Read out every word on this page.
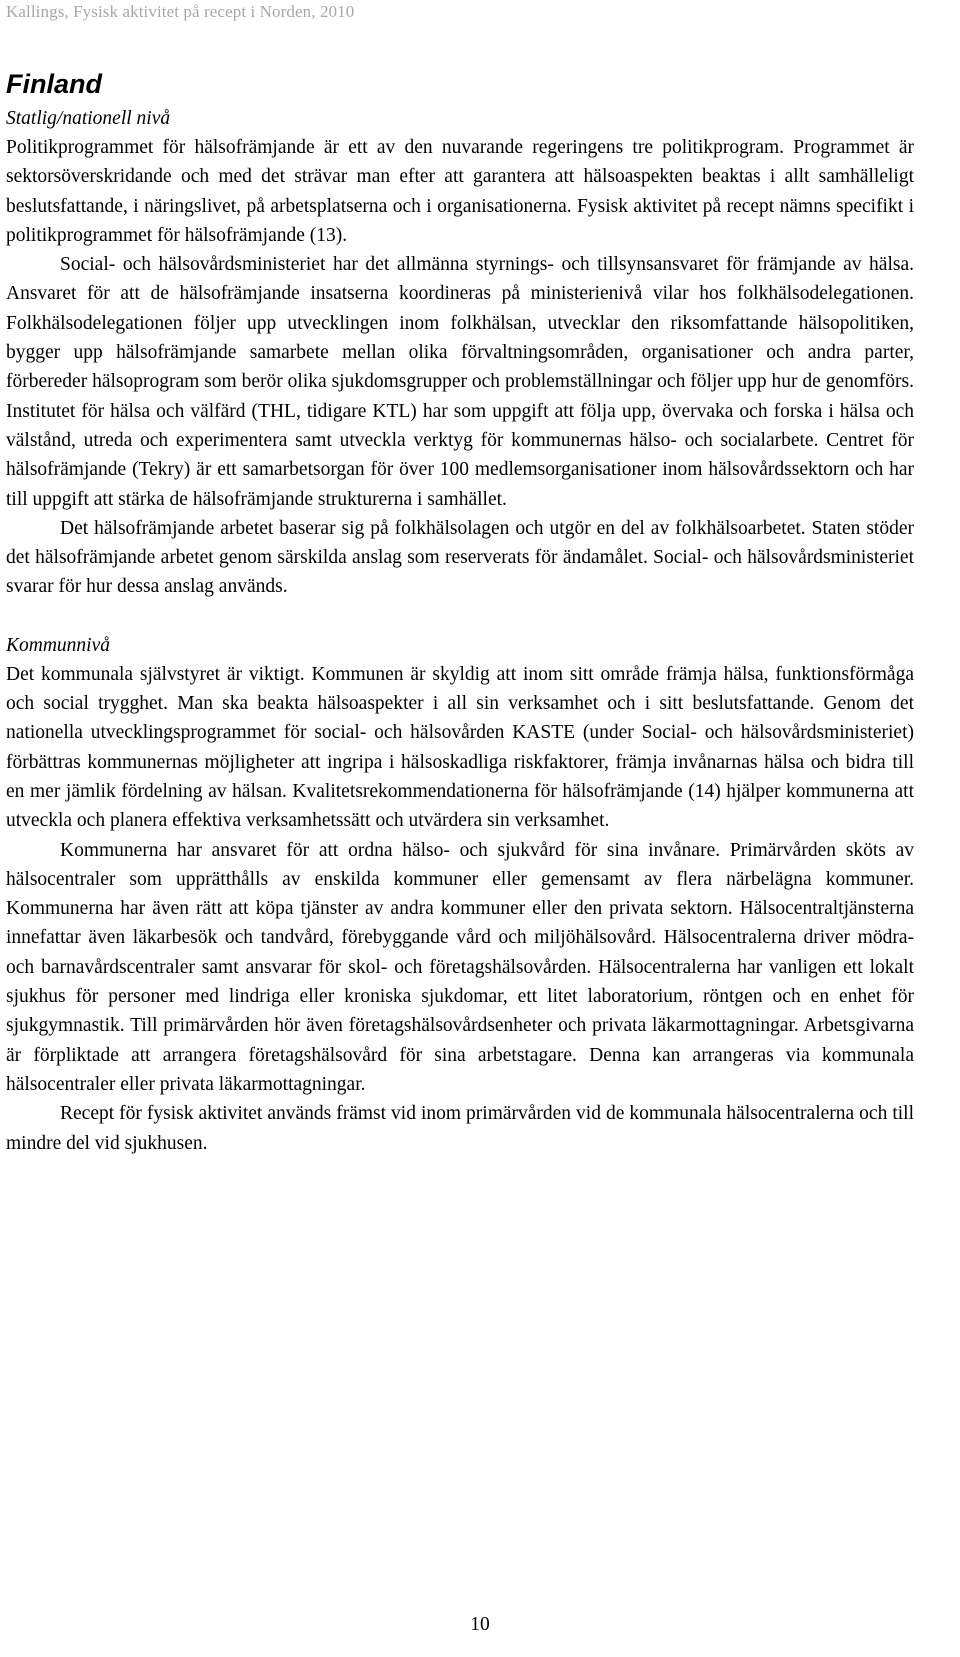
Kallings, Fysisk aktivitet på recept i Norden, 2010
Finland
Statlig/nationell nivå

Politikprogrammet för hälsofrämjande är ett av den nuvarande regeringens tre politikprogram. Programmet är sektorsöverskridande och med det strävar man efter att garantera att hälsoaspekten beaktas i allt samhälleligt beslutsfattande, i näringslivet, på arbetsplatserna och i organisationerna. Fysisk aktivitet på recept nämns specifikt i politikprogrammet för hälsofrämjande (13).

Social- och hälsovårdsministeriet har det allmänna styrnings- och tillsynsansvaret för främjande av hälsa. Ansvaret för att de hälsofrämjande insatserna koordineras på ministerienivå vilar hos folkhälsodelegationen. Folkhälsodelegationen följer upp utvecklingen inom folkhälsan, utvecklar den riksomfattande hälsopolitiken, bygger upp hälsofrämjande samarbete mellan olika förvaltningsområden, organisationer och andra parter, förbereder hälsoprogram som berör olika sjukdomsgrupper och problemställningar och följer upp hur de genomförs. Institutet för hälsa och välfärd (THL, tidigare KTL) har som uppgift att följa upp, övervaka och forska i hälsa och välstånd, utreda och experimentera samt utveckla verktyg för kommunernas hälso- och socialarbete. Centret för hälsofrämjande (Tekry) är ett samarbetsorgan för över 100 medlemsorganisationer inom hälsovårdssektorn och har till uppgift att stärka de hälsofrämjande strukturerna i samhället.

Det hälsofrämjande arbetet baserar sig på folkhälsolagen och utgör en del av folkhälsoarbetet. Staten stöder det hälsofrämjande arbetet genom särskilda anslag som reserverats för ändamålet. Social- och hälsovårdsministeriet svarar för hur dessa anslag används.

Kommunnivå

Det kommunala självstyret är viktigt. Kommunen är skyldig att inom sitt område främja hälsa, funktionsförmåga och social trygghet. Man ska beakta hälsoaspekter i all sin verksamhet och i sitt beslutsfattande. Genom det nationella utvecklingsprogrammet för social- och hälsovården KASTE (under Social- och hälsovårdsministeriet) förbättras kommunernas möjligheter att ingripa i hälsoskadliga riskfaktorer, främja invånarnas hälsa och bidra till en mer jämlik fördelning av hälsan. Kvalitetsrekommendationerna för hälsofrämjande (14) hjälper kommunerna att utveckla och planera effektiva verksamhetssätt och utvärdera sin verksamhet.

Kommunerna har ansvaret för att ordna hälso- och sjukvård för sina invånare. Primärvården sköts av hälsocentraler som upprätthålls av enskilda kommuner eller gemensamt av flera närbelägna kommuner. Kommunerna har även rätt att köpa tjänster av andra kommuner eller den privata sektorn. Hälsocentraltjänsterna innefattar även läkarbesök och tandvård, förebyggande vård och miljöhälsovård. Hälsocentralerna driver mödra- och barnavårdscentraler samt ansvarar för skol- och företagshälsovården. Hälsocentralerna har vanligen ett lokalt sjukhus för personer med lindriga eller kroniska sjukdomar, ett litet laboratorium, röntgen och en enhet för sjukgymnastik. Till primärvården hör även företagshälsovårdsenheter och privata läkarmottagningar. Arbetsgivarna är förpliktade att arrangera företagshälsovård för sina arbetstagare. Denna kan arrangeras via kommunala hälsocentraler eller privata läkarmottagningar.

Recept för fysisk aktivitet används främst vid inom primärvården vid de kommunala hälsocentralerna och till mindre del vid sjukhusen.

10
